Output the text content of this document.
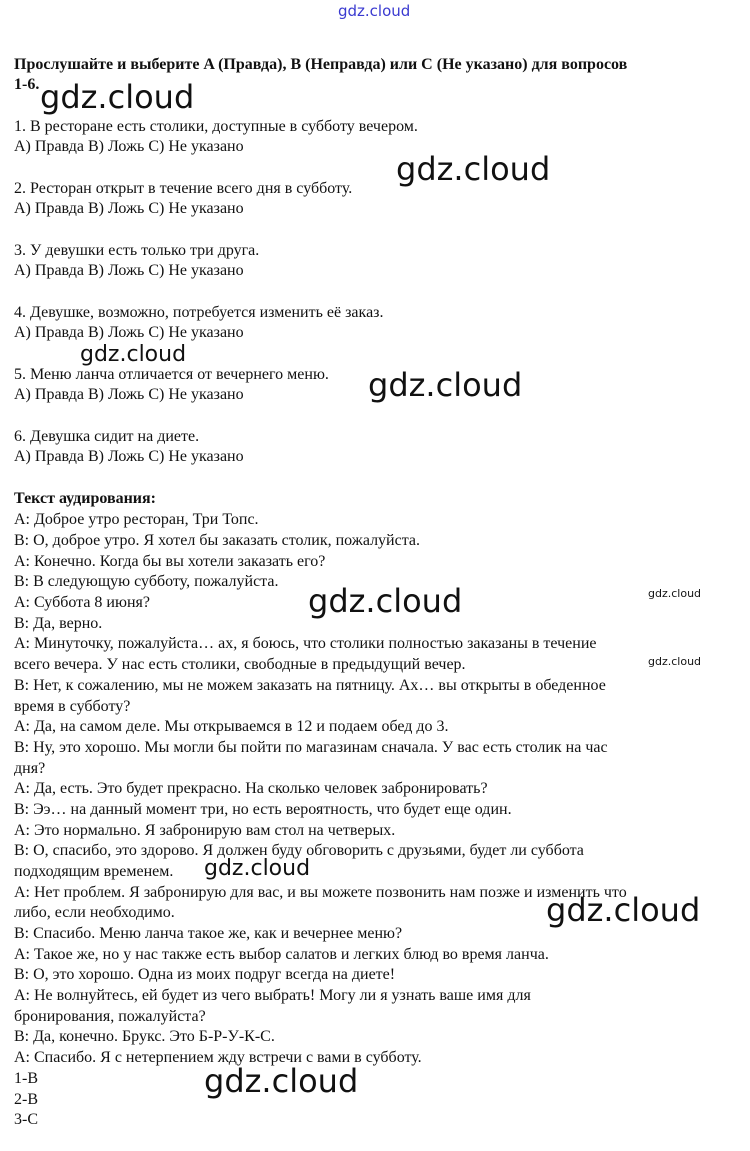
Прослушайте и выберите A (Правда), B (Неправда) или C (Не указано) для вопросов
1-6.
1. В ресторане есть столики, доступные в субботу вечером.
A) Правда B) Ложь C) Не указано
2. Ресторан открыт в течение всего дня в субботу.
A) Правда B) Ложь C) Не указано
3. У девушки есть только три друга.
A) Правда B) Ложь C) Не указано
4. Девушке, возможно, потребуется изменить её заказ.
A) Правда B) Ложь C) Не указано
5. Меню ланча отличается от вечернего меню.
A) Правда B) Ложь C) Не указано
6. Девушка сидит на диете.
A) Правда B) Ложь C) Не указано
Текст аудирования:
A: Доброе утро ресторан, Три Топс.
B: О, доброе утро. Я хотел бы заказать столик, пожалуйста.
A: Конечно. Когда бы вы хотели заказать его?
B: В следующую субботу, пожалуйста.
A: Суббота 8 июня?
B: Да, верно.
A: Минуточку, пожалуйста… ах, я боюсь, что столики полностью заказаны в течение
всего вечера. У нас есть столики, свободные в предыдущий вечер.
B: Нет, к сожалению, мы не можем заказать на пятницу. Ах… вы открыты в обеденное
время в субботу?
A: Да, на самом деле. Мы открываемся в 12 и подаем обед до 3.
B: Ну, это хорошо. Мы могли бы пойти по магазинам сначала. У вас есть столик на час
дня?
A: Да, есть. Это будет прекрасно. На сколько человек забронировать?
B: Ээ… на данный момент три, но есть вероятность, что будет еще один.
A: Это нормально. Я забронирую вам стол на четверых.
B: О, спасибо, это здорово. Я должен буду обговорить с друзьями, будет ли суббота
подходящим временем.
A: Нет проблем. Я забронирую для вас, и вы можете позвонить нам позже и изменить что
либо, если необходимо.
B: Спасибо. Меню ланча такое же, как и вечернее меню?
A: Такое же, но у нас также есть выбор салатов и легких блюд во время ланча.
B: О, это хорошо. Одна из моих подруг всегда на диете!
A: Не волнуйтесь, ей будет из чего выбрать! Могу ли я узнать ваше имя для
бронирования, пожалуйста?
B: Да, конечно. Брукс. Это Б-Р-У-К-С.
A: Спасибо. Я с нетерпением жду встречи с вами в субботу.
1-B
2-B
3-C
gdz.cloud
gdz.cloud
gdz.cloud
gdz.cloud
gdz.cloud
gdz.cloud	gdz.cloud
gdz.cloud
gdz.cloud
gdz.cloud
gdz.cloud
